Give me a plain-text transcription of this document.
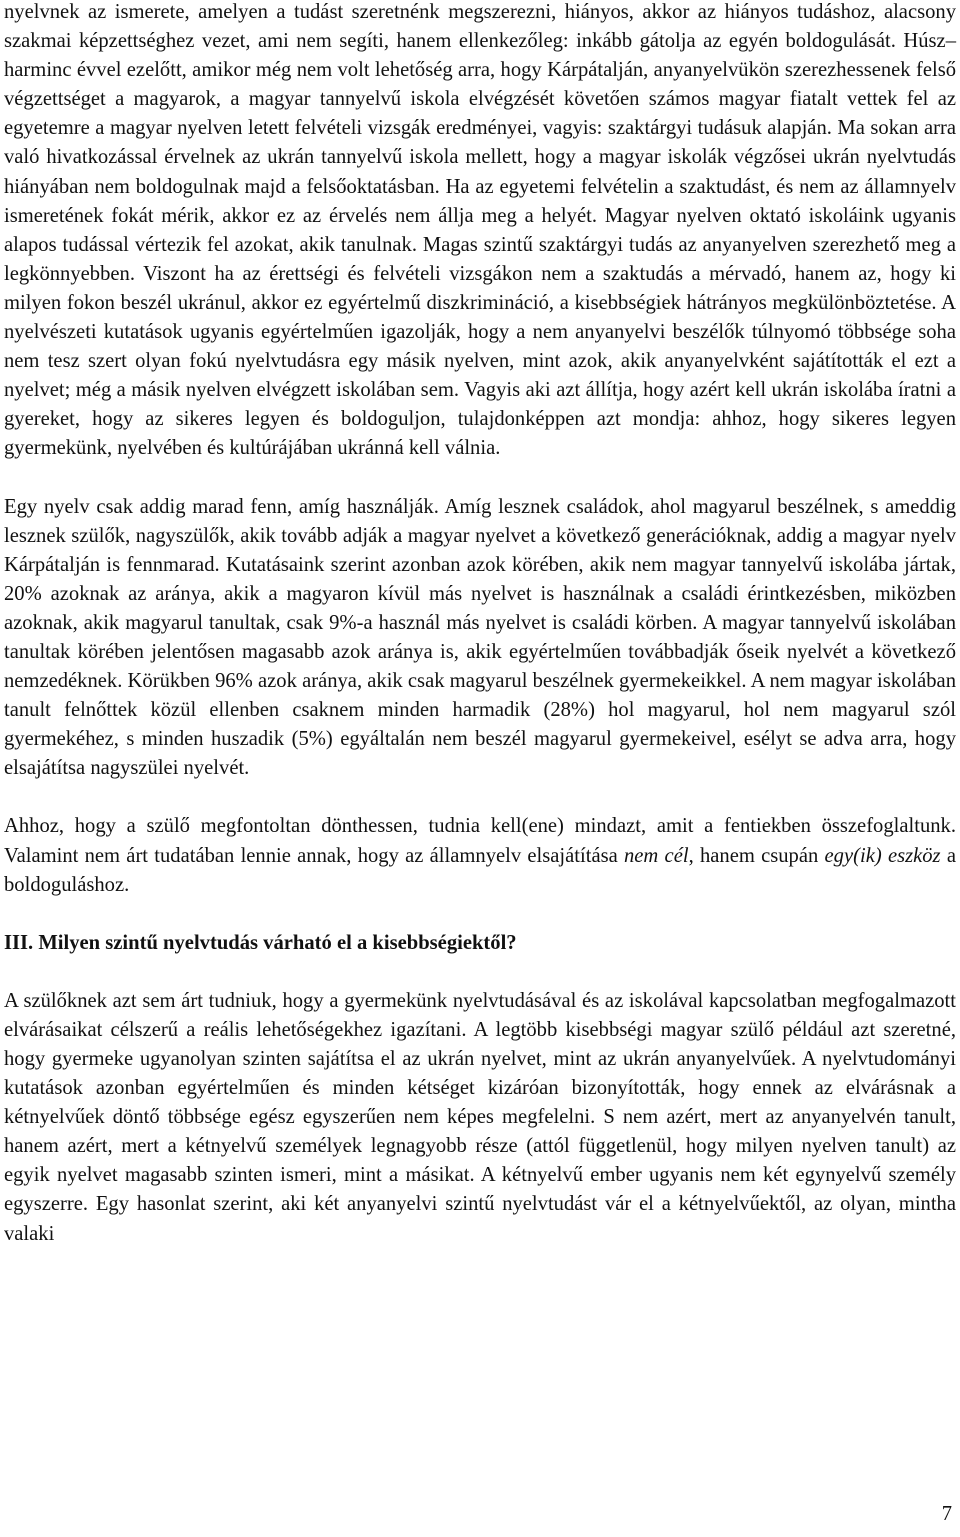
nyelvnek az ismerete, amelyen a tudást szeretnénk megszerezni, hiányos, akkor az hiányos tudáshoz, alacsony szakmai képzettséghez vezet, ami nem segíti, hanem ellenkezőleg: inkább gátolja az egyén boldogulását. Húsz–harminc évvel ezelőtt, amikor még nem volt lehetőség arra, hogy Kárpátalján, anyanyelvükön szerezhessenek felső végzettséget a magyarok, a magyar tannyelvű iskola elvégzését követően számos magyar fiatalt vettek fel az egyetemre a magyar nyelven letett felvételi vizsgák eredményei, vagyis: szaktárgyi tudásuk alapján. Ma sokan arra való hivatkozással érvelnek az ukrán tannyelvű iskola mellett, hogy a magyar iskolák végzősei ukrán nyelvtudás hiányában nem boldogulnak majd a felsőoktatásban. Ha az egyetemi felvételin a szaktudást, és nem az államnyelv ismeretének fokát mérik, akkor ez az érvelés nem állja meg a helyét. Magyar nyelven oktató iskoláink ugyanis alapos tudással vértezik fel azokat, akik tanulnak. Magas szintű szaktárgyi tudás az anyanyelven szerezhető meg a legkönnyebben. Viszont ha az érettségi és felvételi vizsgákon nem a szaktudás a mérvadó, hanem az, hogy ki milyen fokon beszél ukránul, akkor ez egyértelmű diszkrimináció, a kisebbségiek hátrányos megkülönböztetése. A nyelvészeti kutatások ugyanis egyértelműen igazolják, hogy a nem anyanyelvi beszélők túlnyomó többsége soha nem tesz szert olyan fokú nyelvtudásra egy másik nyelven, mint azok, akik anyanyelvként sajátították el ezt a nyelvet; még a másik nyelven elvégzett iskolában sem. Vagyis aki azt állítja, hogy azért kell ukrán iskolába íratni a gyereket, hogy az sikeres legyen és boldoguljon, tulajdonképpen azt mondja: ahhoz, hogy sikeres legyen gyermekünk, nyelvében és kultúrájában ukránná kell válnia.

Egy nyelv csak addig marad fenn, amíg használják. Amíg lesznek családok, ahol magyarul beszélnek, s ameddig lesznek szülők, nagyszülők, akik tovább adják a magyar nyelvet a következő generációknak, addig a magyar nyelv Kárpátalján is fennmarad. Kutatásaink szerint azonban azok körében, akik nem magyar tannyelvű iskolába jártak, 20% azoknak az aránya, akik a magyaron kívül más nyelvet is használnak a családi érintkezésben, miközben azoknak, akik magyarul tanultak, csak 9%-a használ más nyelvet is családi körben. A magyar tannyelvű iskolában tanultak körében jelentősen magasabb azok aránya is, akik egyértelműen továbbadják őseik nyelvét a következő nemzedéknek. Körükben 96% azok aránya, akik csak magyarul beszélnek gyermekeikkel. A nem magyar iskolában tanult felnőttek közül ellenben csaknem minden harmadik (28%) hol magyarul, hol nem magyarul szól gyermekéhez, s minden huszadik (5%) egyáltalán nem beszél magyarul gyermekeivel, esélyt se adva arra, hogy elsajátítsa nagyszülei nyelvét.

Ahhoz, hogy a szülő megfontoltan dönthessen, tudnia kell(ene) mindazt, amit a fentiekben összefoglaltunk. Valamint nem árt tudatában lennie annak, hogy az államnyelv elsajátítása nem cél, hanem csupán egy(ik) eszköz a boldoguláshoz.

III. Milyen szintű nyelvtudás várható el a kisebbségiektől?

A szülőknek azt sem árt tudniuk, hogy a gyermekünk nyelvtudásával és az iskolával kapcsolatban megfogalmazott elvárásaikat célszerű a reális lehetőségekhez igazítani. A legtöbb kisebbségi magyar szülő például azt szeretné, hogy gyermeke ugyanolyan szinten sajátítsa el az ukrán nyelvet, mint az ukrán anyanyelvűek. A nyelvtudományi kutatások azonban egyértelműen és minden kétséget kizáróan bizonyították, hogy ennek az elvárásnak a kétnyelvűek döntő többsége egész egyszerűen nem képes megfelelni. S nem azért, mert az anyanyelvén tanult, hanem azért, mert a kétnyelvű személyek legnagyobb része (attól függetlenül, hogy milyen nyelven tanult) az egyik nyelvet magasabb szinten ismeri, mint a másikat. A kétnyelvű ember ugyanis nem két egynyelvű személy egyszerre. Egy hasonlat szerint, aki két anyanyelvi szintű nyelvtudást vár el a kétnyelvűektől, az olyan, mintha valaki

7
